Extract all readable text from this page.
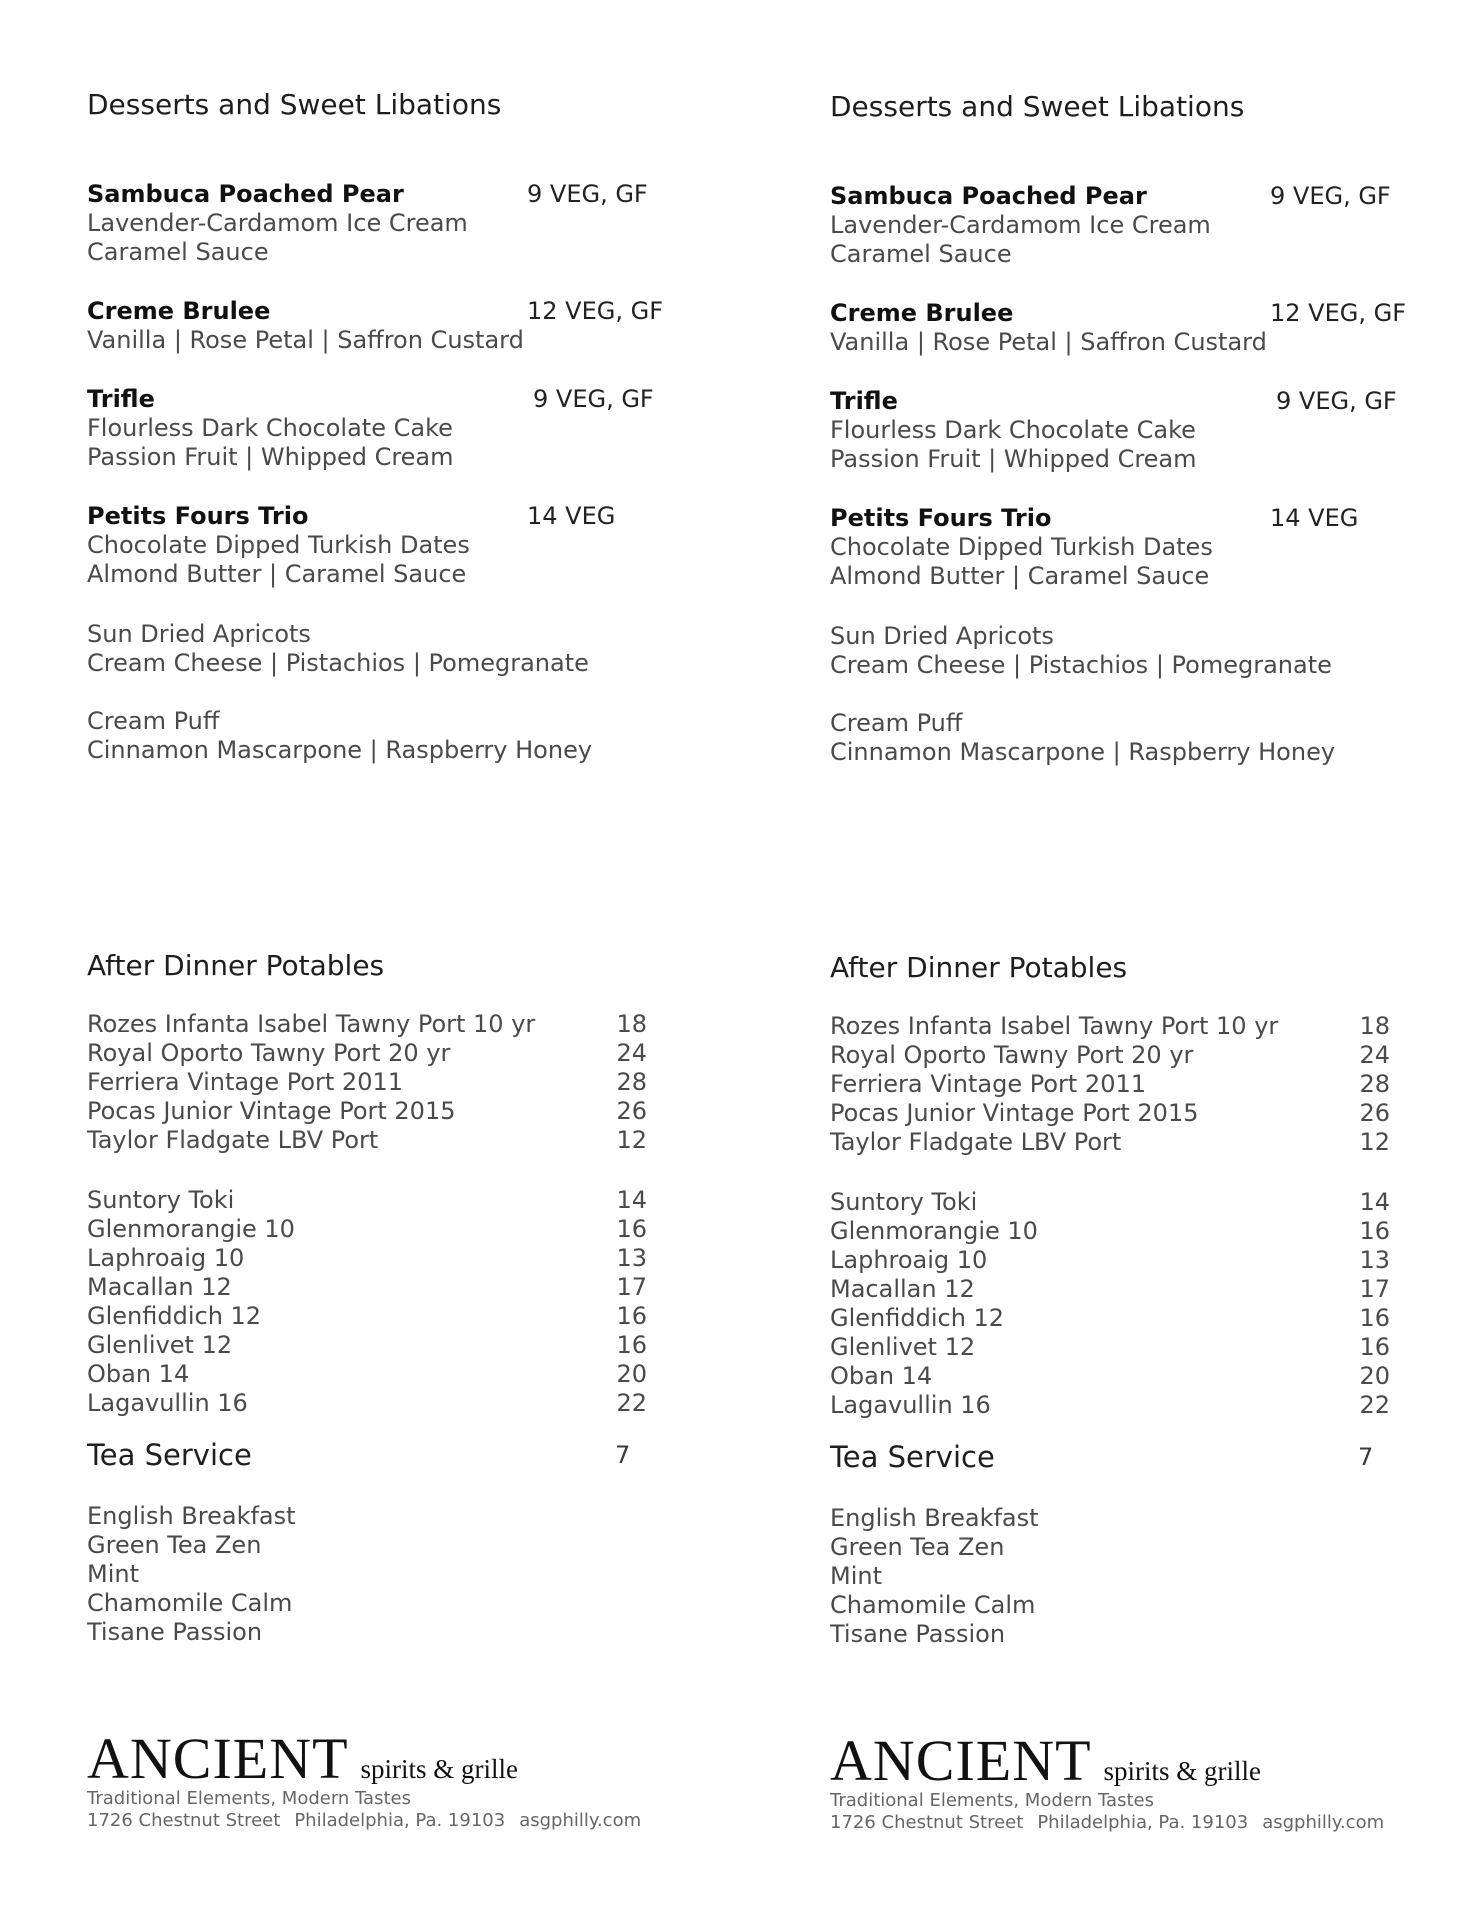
Desserts and Sweet Libations
Sambuca Poached Pear	9 VEG, GF
Lavender-Cardamom Ice Cream
Caramel Sauce
Creme Brulee	12 VEG, GF
Vanilla | Rose Petal | Saffron Custard
Trifle	9 VEG, GF
Flourless Dark Chocolate Cake
Passion Fruit | Whipped Cream
Petits Fours Trio	14 VEG
Chocolate Dipped Turkish Dates
Almond Butter | Caramel Sauce
Sun Dried Apricots
Cream Cheese | Pistachios | Pomegranate
Cream Puff
Cinnamon Mascarpone | Raspberry Honey
After Dinner Potables
Rozes Infanta Isabel Tawny Port 10 yr	18
Royal Oporto Tawny Port 20 yr	24
Ferriera Vintage Port 2011	28
Pocas Junior Vintage Port 2015	26
Taylor Fladgate LBV Port	12
Suntory Toki	14
Glenmorangie 10	16
Laphroaig 10	13
Macallan 12	17
Glenfiddich 12	16
Glenlivet 12	16
Oban 14	20
Lagavullin 16	22
Tea Service	7
English Breakfast
Green Tea Zen
Mint
Chamomile Calm
Tisane Passion
ANCIENT spirits & grille
Traditional Elements, Modern Tastes
1726 Chestnut Street Philadelphia, Pa. 19103 asgphilly.com
Desserts and Sweet Libations
Sambuca Poached Pear	9 VEG, GF
Lavender-Cardamom Ice Cream
Caramel Sauce
Creme Brulee	12 VEG, GF
Vanilla | Rose Petal | Saffron Custard
Trifle	9 VEG, GF
Flourless Dark Chocolate Cake
Passion Fruit | Whipped Cream
Petits Fours Trio	14 VEG
Chocolate Dipped Turkish Dates
Almond Butter | Caramel Sauce
Sun Dried Apricots
Cream Cheese | Pistachios | Pomegranate
Cream Puff
Cinnamon Mascarpone | Raspberry Honey
After Dinner Potables
Rozes Infanta Isabel Tawny Port 10 yr	18
Royal Oporto Tawny Port 20 yr	24
Ferriera Vintage Port 2011	28
Pocas Junior Vintage Port 2015	26
Taylor Fladgate LBV Port	12
Suntory Toki	14
Glenmorangie 10	16
Laphroaig 10	13
Macallan 12	17
Glenfiddich 12	16
Glenlivet 12	16
Oban 14	20
Lagavullin 16	22
Tea Service	7
English Breakfast
Green Tea Zen
Mint
Chamomile Calm
Tisane Passion
ANCIENT spirits & grille
Traditional Elements, Modern Tastes
1726 Chestnut Street Philadelphia, Pa. 19103 asgphilly.com
